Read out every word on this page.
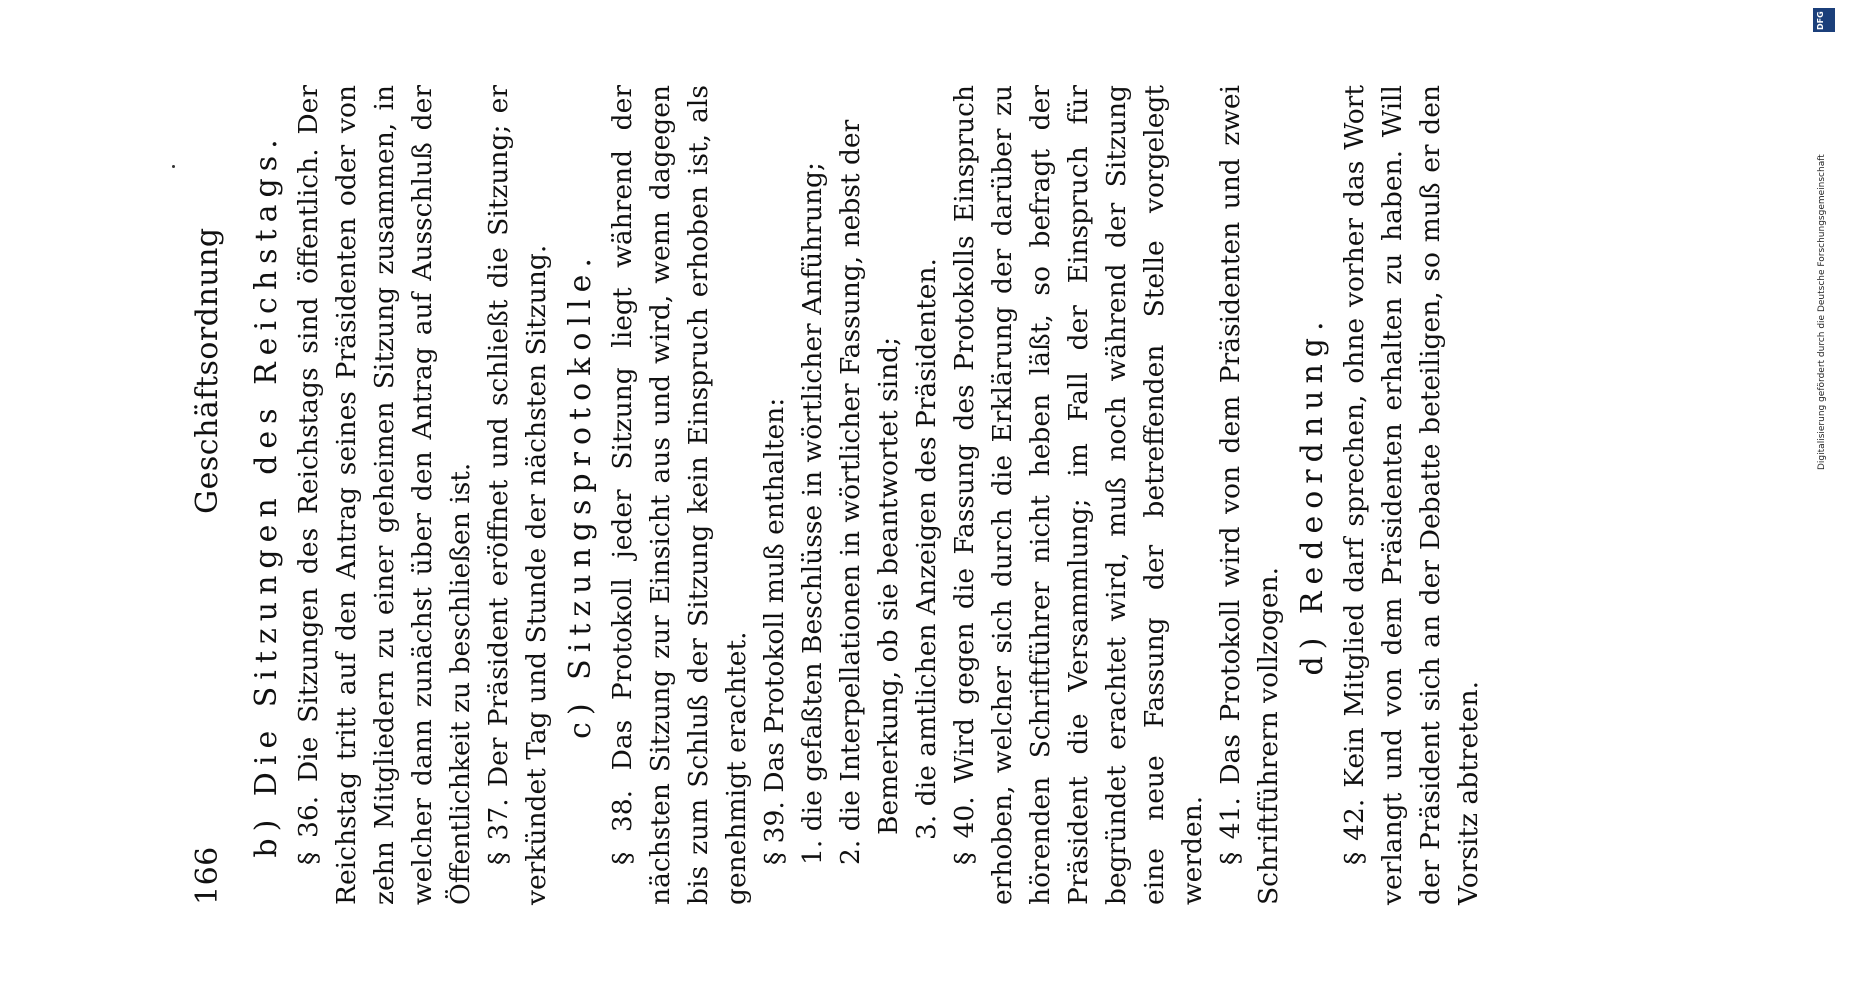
166
Geschäftsordnung b) Die Sitzungen des Reichstags. § 36. Die Sitzungen des Reichstags sind öffentlich. Der Reichstag tritt auf den Antrag seines Präsidenten oder von zehn Mitgliedern zu einer geheimen Sitzung zusammen, in welcher dann zunächst über den Antrag auf Ausschluß der Öffentlichkeit zu beschließen ist. § 37. Der Präsident eröffnet und schließt die Sitzung; er verkündet Tag und Stunde der nächsten Sitzung. c) Sitzungsprotokolle. § 38. Das Protokoll jeder Sitzung liegt während der nächsten Sitzung zur Einsicht aus und wird, wenn dagegen bis zum Schluß der Sitzung kein Einspruch erhoben ist, als genehmigt erachtet. § 39. Das Protokoll muß enthalten: 1. die gefaßten Beschlüsse in wörtlicher Anführung; 2. die Interpellationen in wörtlicher Fassung, nebst der Bemerkung, ob sie beantwortet sind; 3. die amtlichen Anzeigen des Präsidenten. § 40. Wird gegen die Fassung des Protokolls Einspruch erhoben, welcher sich durch die Erklärung der darüber zu hörenden Schriftführer nicht heben läßt, so befragt der Präsident die Versammlung; im Fall der Einspruch für begründet erachtet wird, muß noch während der Sitzung eine neue Fassung der betreffenden Stelle vorgelegt werden. § 41. Das Protokoll wird von dem Präsidenten und zwei Schriftführern vollzogen.

d) Redeordnung. § 42. Kein Mitglied darf sprechen, ohne vorher das Wort verlangt und von dem Präsidenten erhalten zu haben. Will der Präsident sich an der Debatte beteiligen, so muß er den Vorsitz abtreten.

DFG
Digitalisierung gefördert durch die Deutsche Forschungsgemeinschaft
